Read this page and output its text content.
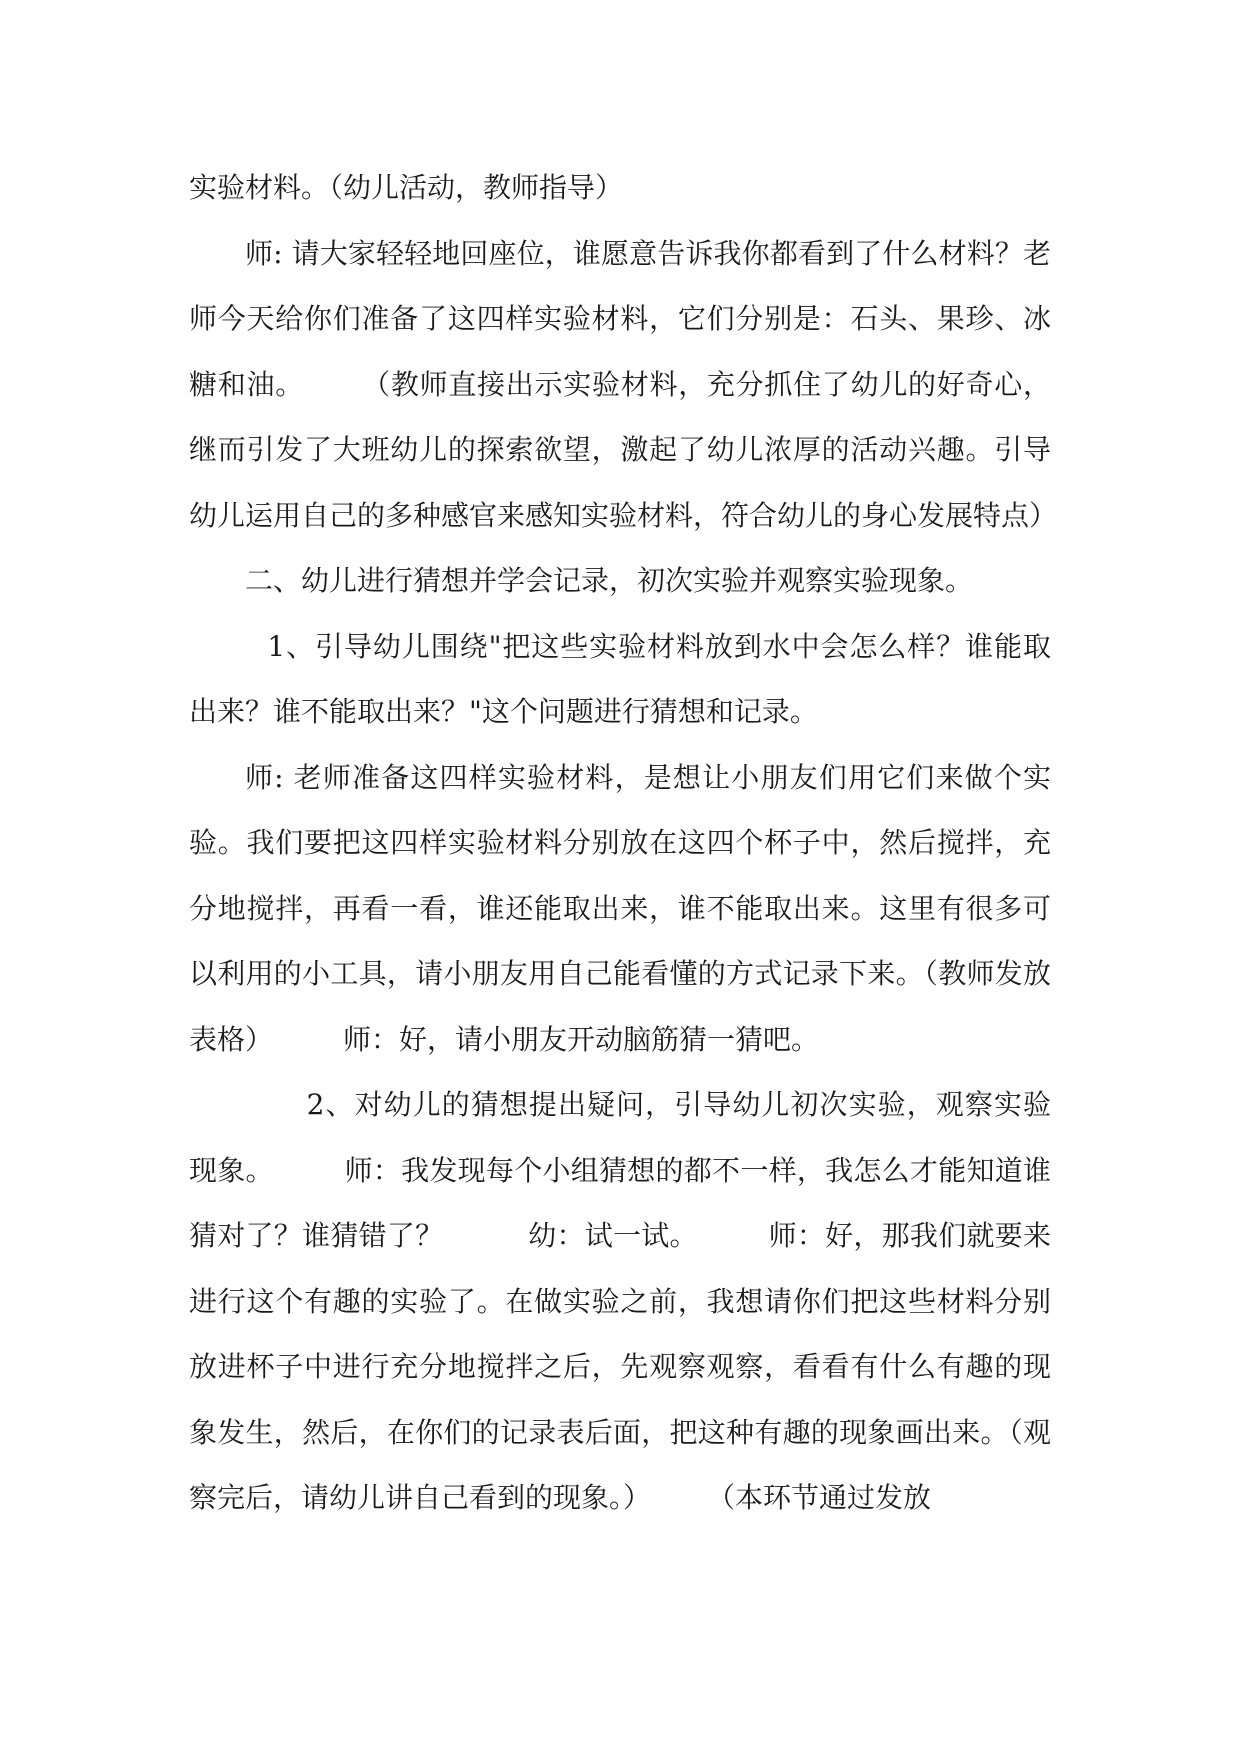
实验材料。（幼儿活动，教师指导）

师: 请大家轻轻地回座位，谁愿意告诉我你都看到了什么材料？老师今天给你们准备了这四样实验材料，它们分别是：石头、果珍、冰糖和油。　　　（教师直接出示实验材料，充分抓住了幼儿的好奇心，继而引发了大班幼儿的探索欲望，激起了幼儿浓厚的活动兴趣。引导幼儿运用自己的多种感官来感知实验材料，符合幼儿的身心发展特点）

二、幼儿进行猜想并学会记录，初次实验并观察实验现象。

1、引导幼儿围绕"把这些实验材料放到水中会怎么样？谁能取出来？谁不能取出来？"这个问题进行猜想和记录。

师: 老师准备这四样实验材料，是想让小朋友们用它们来做个实验。我们要把这四样实验材料分别放在这四个杯子中，然后搅拌，充分地搅拌，再看一看，谁还能取出来，谁不能取出来。这里有很多可以利用的小工具，请小朋友用自己能看懂的方式记录下来。（教师发放表格）　　　师：好，请小朋友开动脑筋猜一猜吧。

2、对幼儿的猜想提出疑问，引导幼儿初次实验，观察实验现象。　　　师：我发现每个小组猜想的都不一样，我怎么才能知道谁猜对了？谁猜错了？　　　幼：试一试。　　　师：好，那我们就要来进行这个有趣的实验了。在做实验之前，我想请你们把这些材料分别放进杯子中进行充分地搅拌之后，先观察观察，看看有什么有趣的现象发生，然后，在你们的记录表后面，把这种有趣的现象画出来。（观察完后，请幼儿讲自己看到的现象。）　　　（本环节通过发放
